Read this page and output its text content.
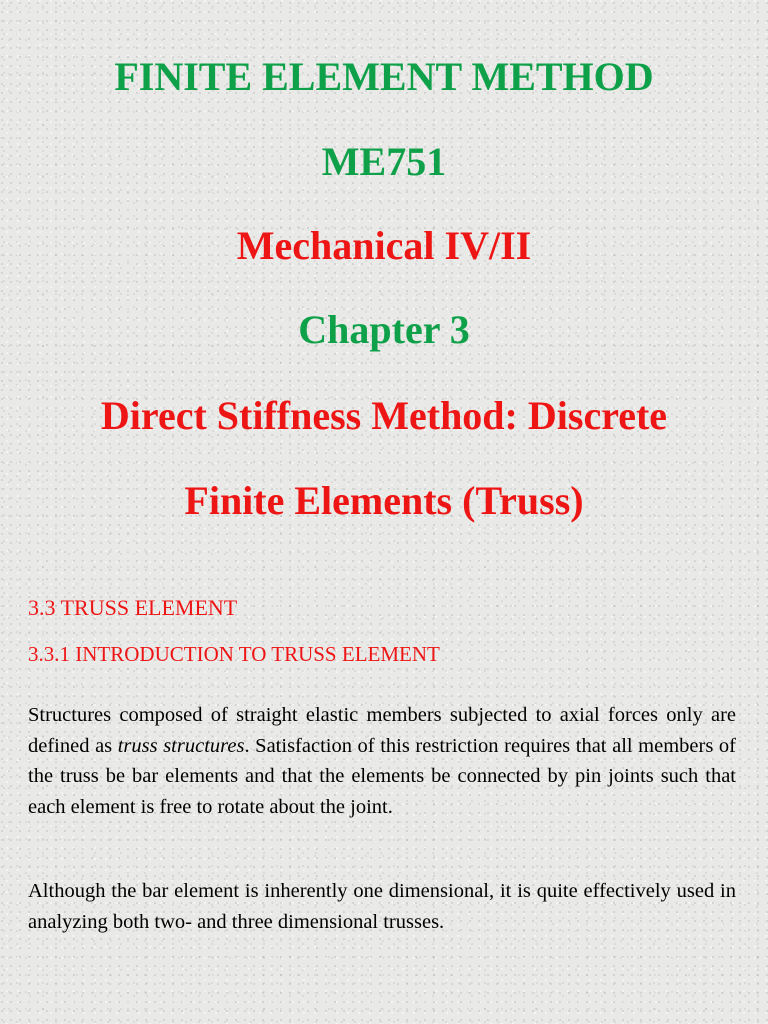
FINITE ELEMENT METHOD
ME751
Mechanical IV/II
Chapter 3
Direct Stiffness Method: Discrete
Finite Elements (Truss)
3.3 TRUSS ELEMENT
3.3.1 INTRODUCTION TO TRUSS ELEMENT

Structures composed of straight elastic members subjected to axial forces only are defined as truss structures. Satisfaction of this restriction requires that all members of the truss be bar elements and that the elements be connected by pin joints such that each element is free to rotate about the joint.

Although the bar element is inherently one dimensional, it is quite effectively used in analyzing both two- and three dimensional trusses.
